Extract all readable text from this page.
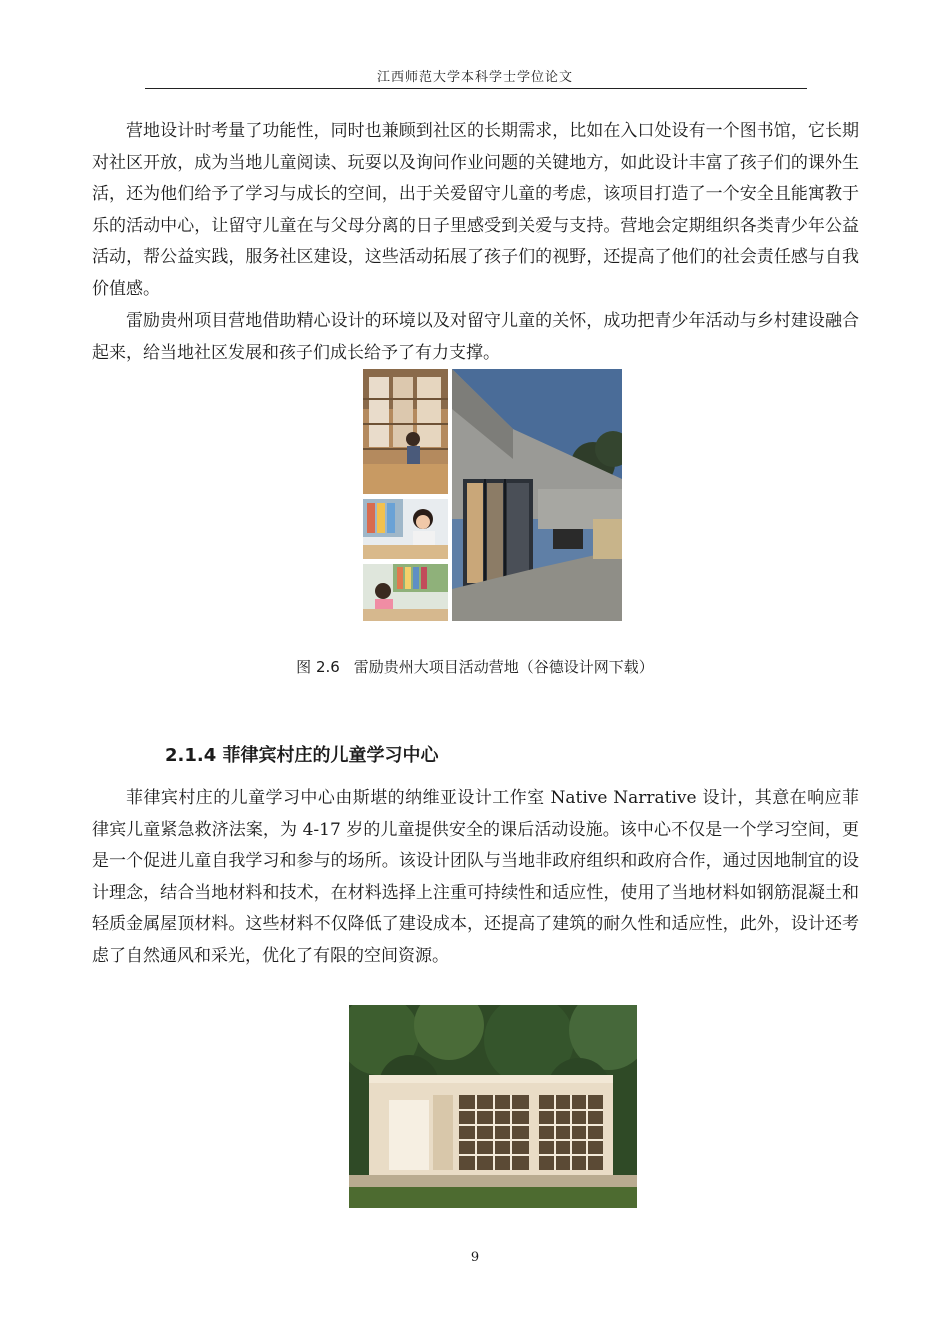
江西师范大学本科学士学位论文

营地设计时考量了功能性，同时也兼顾到社区的长期需求，比如在入口处设有一个图书馆，它长期对社区开放，成为当地儿童阅读、玩耍以及询问作业问题的关键地方，如此设计丰富了孩子们的课外生活，还为他们给予了学习与成长的空间，出于关爱留守儿童的考虑，该项目打造了一个安全且能寓教于乐的活动中心，让留守儿童在与父母分离的日子里感受到关爱与支持。营地会定期组织各类青少年公益活动，帮公益实践，服务社区建设，这些活动拓展了孩子们的视野，还提高了他们的社会责任感与自我价值感。

雷励贵州项目营地借助精心设计的环境以及对留守儿童的关怀，成功把青少年活动与乡村建设融合起来，给当地社区发展和孩子们成长给予了有力支撑。

图 2.6 雷励贵州大项目活动营地（谷德设计网下载）
2.1.4 菲律宾村庄的儿童学习中心

菲律宾村庄的儿童学习中心由斯堪的纳维亚设计工作室 Native Narrative 设计，其意在响应菲律宾儿童紧急救济法案，为 4-17 岁的儿童提供安全的课后活动设施。该中心不仅是一个学习空间，更是一个促进儿童自我学习和参与的场所。该设计团队与当地非政府组织和政府合作，通过因地制宜的设计理念，结合当地材料和技术，在材料选择上注重可持续性和适应性，使用了当地材料如钢筋混凝土和轻质金属屋顶材料。这些材料不仅降低了建设成本，还提高了建筑的耐久性和适应性，此外，设计还考虑了自然通风和采光，优化了有限的空间资源。

9
